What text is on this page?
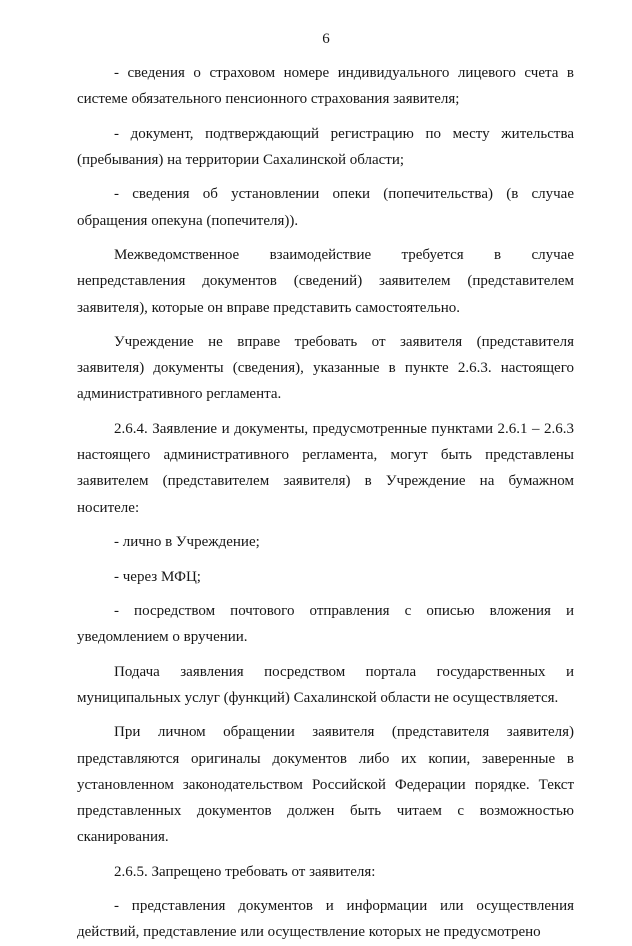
6

- сведения о страховом номере индивидуального лицевого счета в системе обязательного пенсионного страхования заявителя;

- документ, подтверждающий регистрацию по месту жительства (пребывания) на территории Сахалинской области;

- сведения об установлении опеки (попечительства) (в случае обращения опекуна (попечителя)).

Межведомственное взаимодействие требуется в случае непредставления документов (сведений) заявителем (представителем заявителя), которые он вправе представить самостоятельно.

Учреждение не вправе требовать от заявителя (представителя заявителя) документы (сведения), указанные в пункте 2.6.3. настоящего административного регламента.

2.6.4. Заявление и документы, предусмотренные пунктами 2.6.1 – 2.6.3 настоящего административного регламента, могут быть представлены заявителем (представителем заявителя) в Учреждение на бумажном носителе:

- лично в Учреждение;

- через МФЦ;

- посредством почтового отправления с описью вложения и уведомлением о вручении.

Подача заявления посредством портала государственных и муниципальных услуг (функций) Сахалинской области не осуществляется.

При личном обращении заявителя (представителя заявителя) представляются оригиналы документов либо их копии, заверенные в установленном законодательством Российской Федерации порядке. Текст представленных документов должен быть читаем с возможностью сканирования.

2.6.5. Запрещено требовать от заявителя:

- представления документов и информации или осуществления действий, представление или осуществление которых не предусмотрено
